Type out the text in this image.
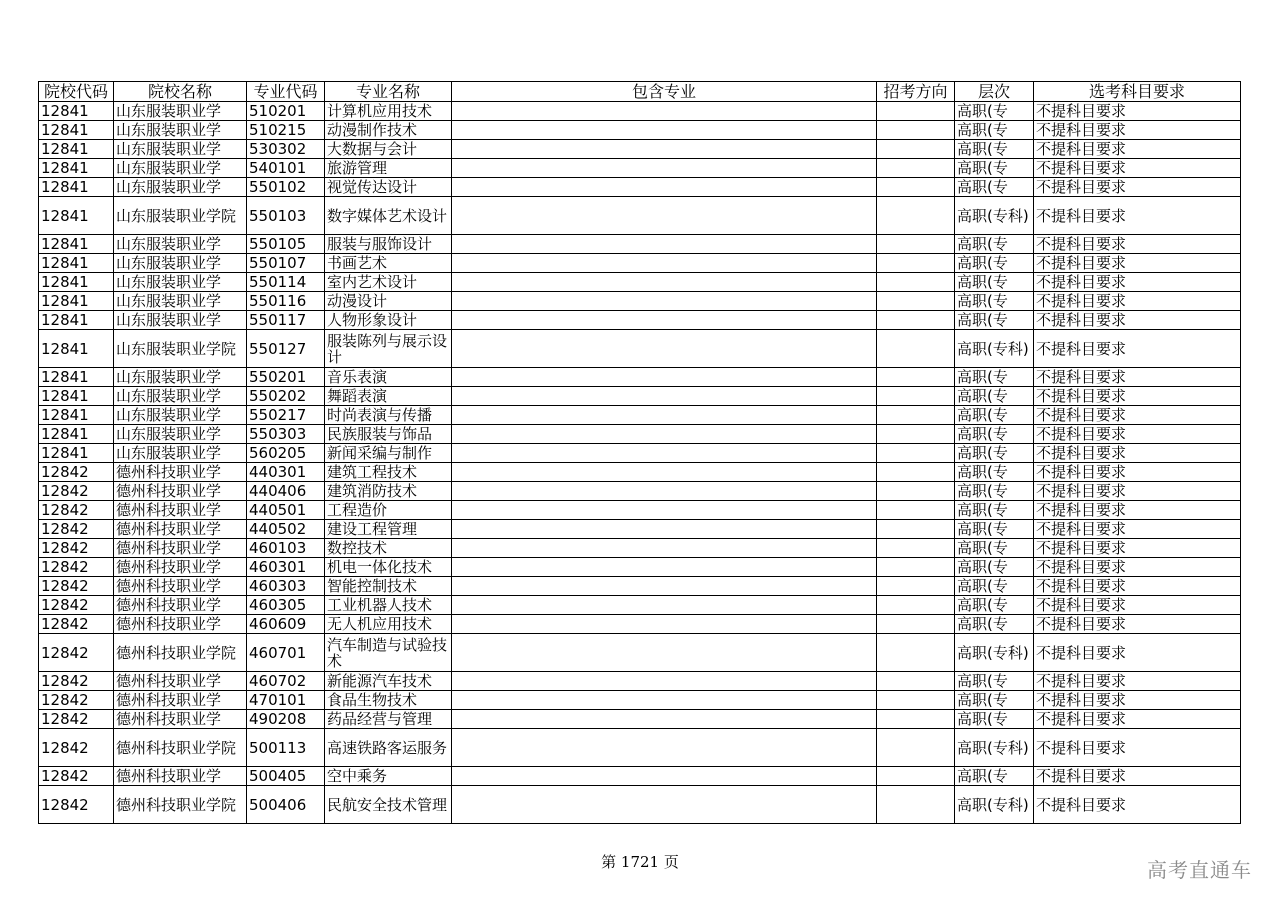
院校代码	院校名称	专业代码	专业名称	包含专业	招考方向	层次	选考科目要求
12841	山东服装职业学	510201	计算机应用技术			高职(专	不提科目要求
12841	山东服装职业学	510215	动漫制作技术			高职(专	不提科目要求
12841	山东服装职业学	530302	大数据与会计			高职(专	不提科目要求
12841	山东服装职业学	540101	旅游管理			高职(专	不提科目要求
12841	山东服装职业学	550102	视觉传达设计			高职(专	不提科目要求
12841	山东服装职业学院	550103	数字媒体艺术设计			高职(专科)	不提科目要求
12841	山东服装职业学	550105	服装与服饰设计			高职(专	不提科目要求
12841	山东服装职业学	550107	书画艺术			高职(专	不提科目要求
12841	山东服装职业学	550114	室内艺术设计			高职(专	不提科目要求
12841	山东服装职业学	550116	动漫设计			高职(专	不提科目要求
12841	山东服装职业学	550117	人物形象设计			高职(专	不提科目要求
12841	山东服装职业学院	550127	服装陈列与展示设计			高职(专科)	不提科目要求
12841	山东服装职业学	550201	音乐表演			高职(专	不提科目要求
12841	山东服装职业学	550202	舞蹈表演			高职(专	不提科目要求
12841	山东服装职业学	550217	时尚表演与传播			高职(专	不提科目要求
12841	山东服装职业学	550303	民族服装与饰品			高职(专	不提科目要求
12841	山东服装职业学	560205	新闻采编与制作			高职(专	不提科目要求
12842	德州科技职业学	440301	建筑工程技术			高职(专	不提科目要求
12842	德州科技职业学	440406	建筑消防技术			高职(专	不提科目要求
12842	德州科技职业学	440501	工程造价			高职(专	不提科目要求
12842	德州科技职业学	440502	建设工程管理			高职(专	不提科目要求
12842	德州科技职业学	460103	数控技术			高职(专	不提科目要求
12842	德州科技职业学	460301	机电一体化技术			高职(专	不提科目要求
12842	德州科技职业学	460303	智能控制技术			高职(专	不提科目要求
12842	德州科技职业学	460305	工业机器人技术			高职(专	不提科目要求
12842	德州科技职业学	460609	无人机应用技术			高职(专	不提科目要求
12842	德州科技职业学院	460701	汽车制造与试验技术			高职(专科)	不提科目要求
12842	德州科技职业学	460702	新能源汽车技术			高职(专	不提科目要求
12842	德州科技职业学	470101	食品生物技术			高职(专	不提科目要求
12842	德州科技职业学	490208	药品经营与管理			高职(专	不提科目要求
12842	德州科技职业学院	500113	高速铁路客运服务			高职(专科)	不提科目要求
12842	德州科技职业学	500405	空中乘务			高职(专	不提科目要求
12842	德州科技职业学院	500406	民航安全技术管理			高职(专科)	不提科目要求
第 1721 页	高考直通车
